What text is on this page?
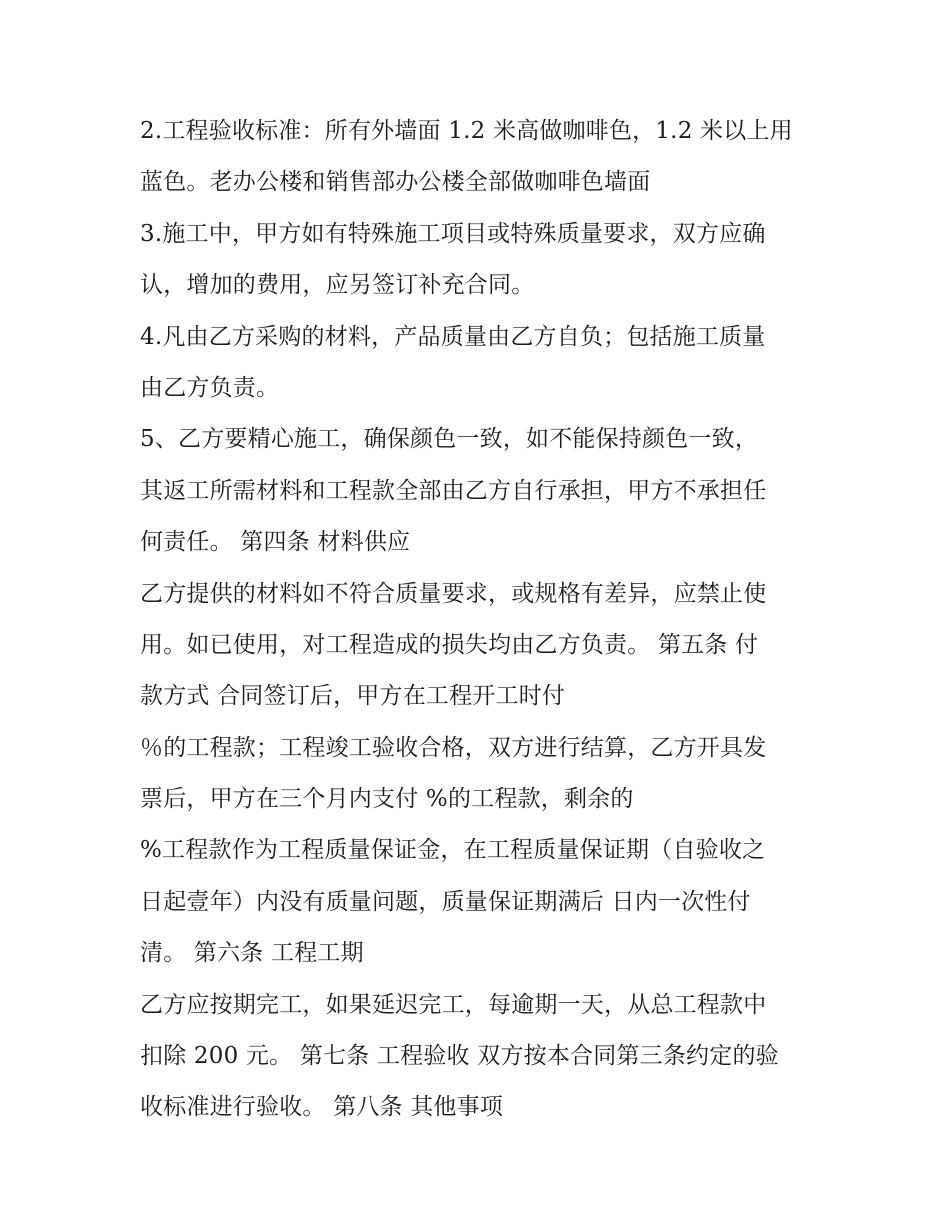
2.工程验收标准：所有外墙面 1.2 米高做咖啡色，1.2 米以上用
蓝色。老办公楼和销售部办公楼全部做咖啡色墙面
3.施工中，甲方如有特殊施工项目或特殊质量要求，双方应确
认，增加的费用，应另签订补充合同。
4.凡由乙方采购的材料，产品质量由乙方自负；包括施工质量
由乙方负责。
5、乙方要精心施工，确保颜色一致，如不能保持颜色一致，
其返工所需材料和工程款全部由乙方自行承担，甲方不承担任
何责任。 第四条 材料供应
乙方提供的材料如不符合质量要求，或规格有差异，应禁止使
用。如已使用，对工程造成的损失均由乙方负责。 第五条 付
款方式 合同签订后，甲方在工程开工时付
％的工程款；工程竣工验收合格，双方进行结算，乙方开具发
票后，甲方在三个月内支付 %的工程款，剩余的
%工程款作为工程质量保证金，在工程质量保证期（自验收之
日起壹年）内没有质量问题，质量保证期满后 日内一次性付
清。 第六条 工程工期
乙方应按期完工，如果延迟完工，每逾期一天，从总工程款中
扣除 200 元。 第七条 工程验收 双方按本合同第三条约定的验
收标准进行验收。 第八条 其他事项
